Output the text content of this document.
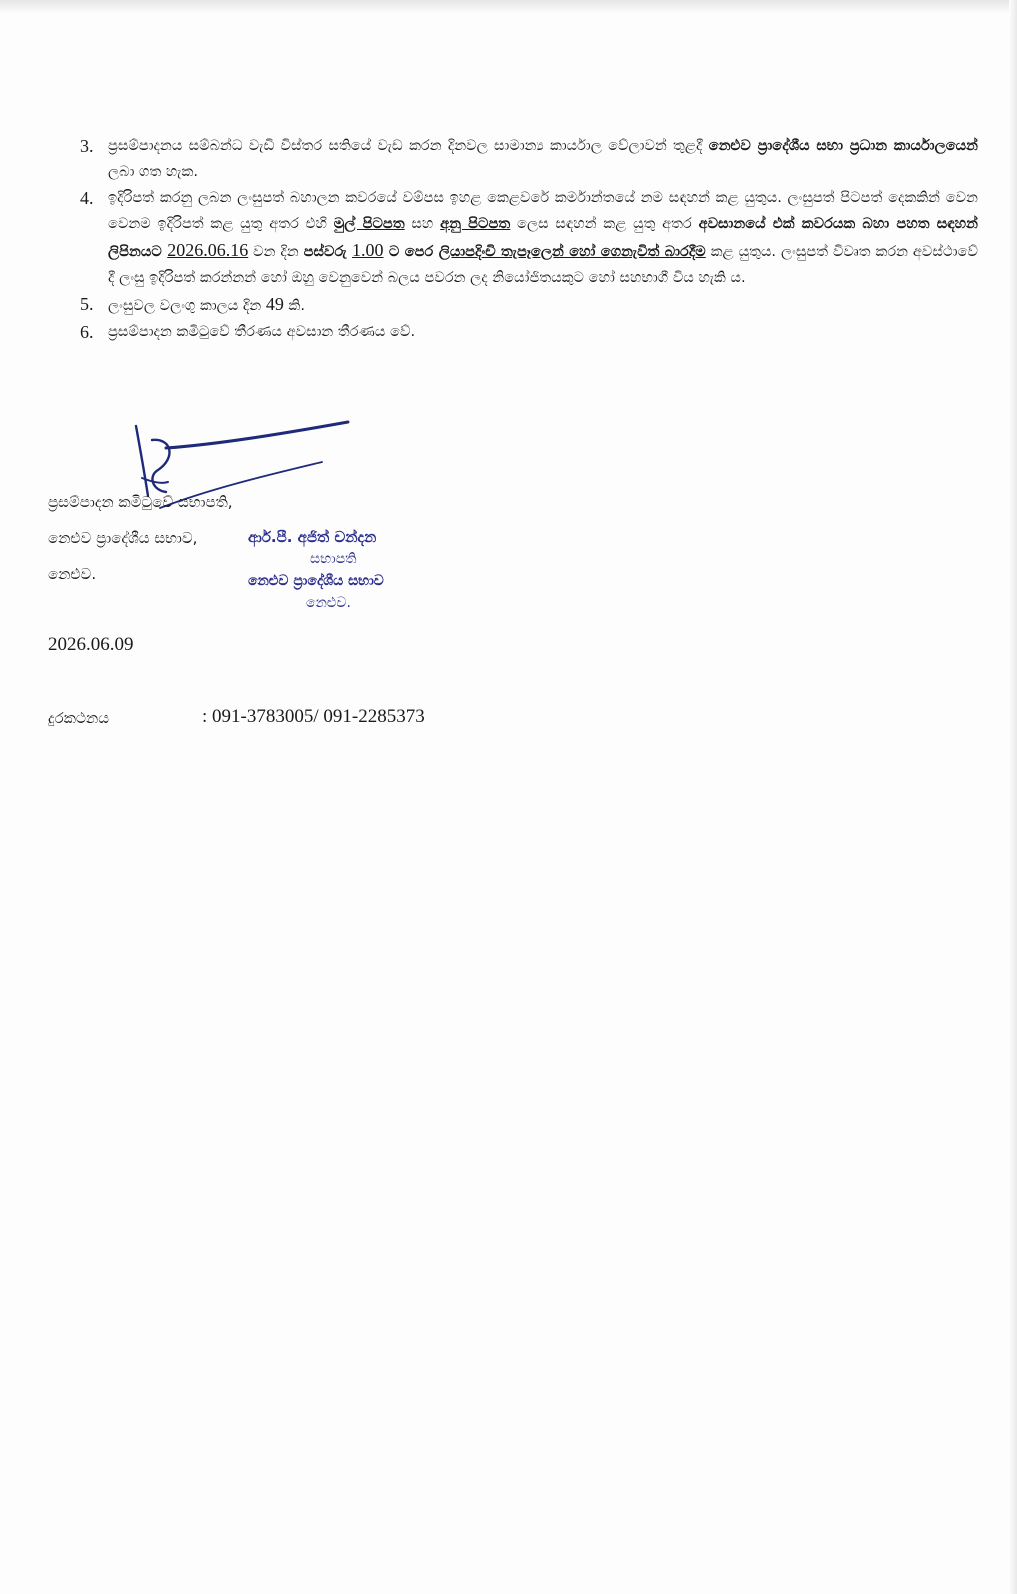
3. ප්‍රසම්පාදනය සම්බන්ධ වැඩි විස්තර සතියේ වැඩ කරන දිනවල සාමාන්‍ය කාර්යාල වේලාවන් තුළදී නෙළුව ප්‍රාදේශීය සභා ප්‍රධාන කාර්යාලයෙන් ලබා ගත හැක.
4. ඉදිරිපත් කරනු ලබන ලංසුපත් බහාලන කවරයේ වම්පස ඉහළ කෙළවරේ කර්මාන්තයේ නම සඳහන් කළ යුතුය. ලංසුපත් පිටපත් දෙකකින් වෙන වෙනම ඉදිරිපත් කළ යුතු අතර එහි මුල් පිටපත සහ අනු පිටපත ලෙස සඳහන් කළ යුතු අතර අවසානයේ එක් කවරයක බහා පහත සඳහන් ලිපිනයට 2026.06.16 වන දින පස්වරු 1.00 ට පෙර ලියාපදිංචි තැපෑලෙන් හෝ ගෙනැවිත් බාරදීම කළ යුතුය. ලංසුපත් විවෘත කරන අවස්ථාවේ දී ලංසු ඉදිරිපත් කරන්නන් හෝ ඔහු වෙනුවෙන් බලය පවරන ලද නියෝජිතයකුට හෝ සහභාගී විය හැකි ය.
5. ලංසුවල වලංගු කාලය දින 49 කි.
6. ප්‍රසම්පාදන කමිටුවේ තීරණය අවසාන තීරණය වේ.
ප්‍රසම්පාදන කමිටුවේ සභාපති,
නෙළුව ප්‍රාදේශීය සභාව,
නෙළුව.
ආර්.පී. අජිත් චන්දන
සභාපති
නෙළුව ප්‍රාදේශීය සභාව
නෙළුව.
2026.06.09
දුරකථනය	: 091-3783005/ 091-2285373
